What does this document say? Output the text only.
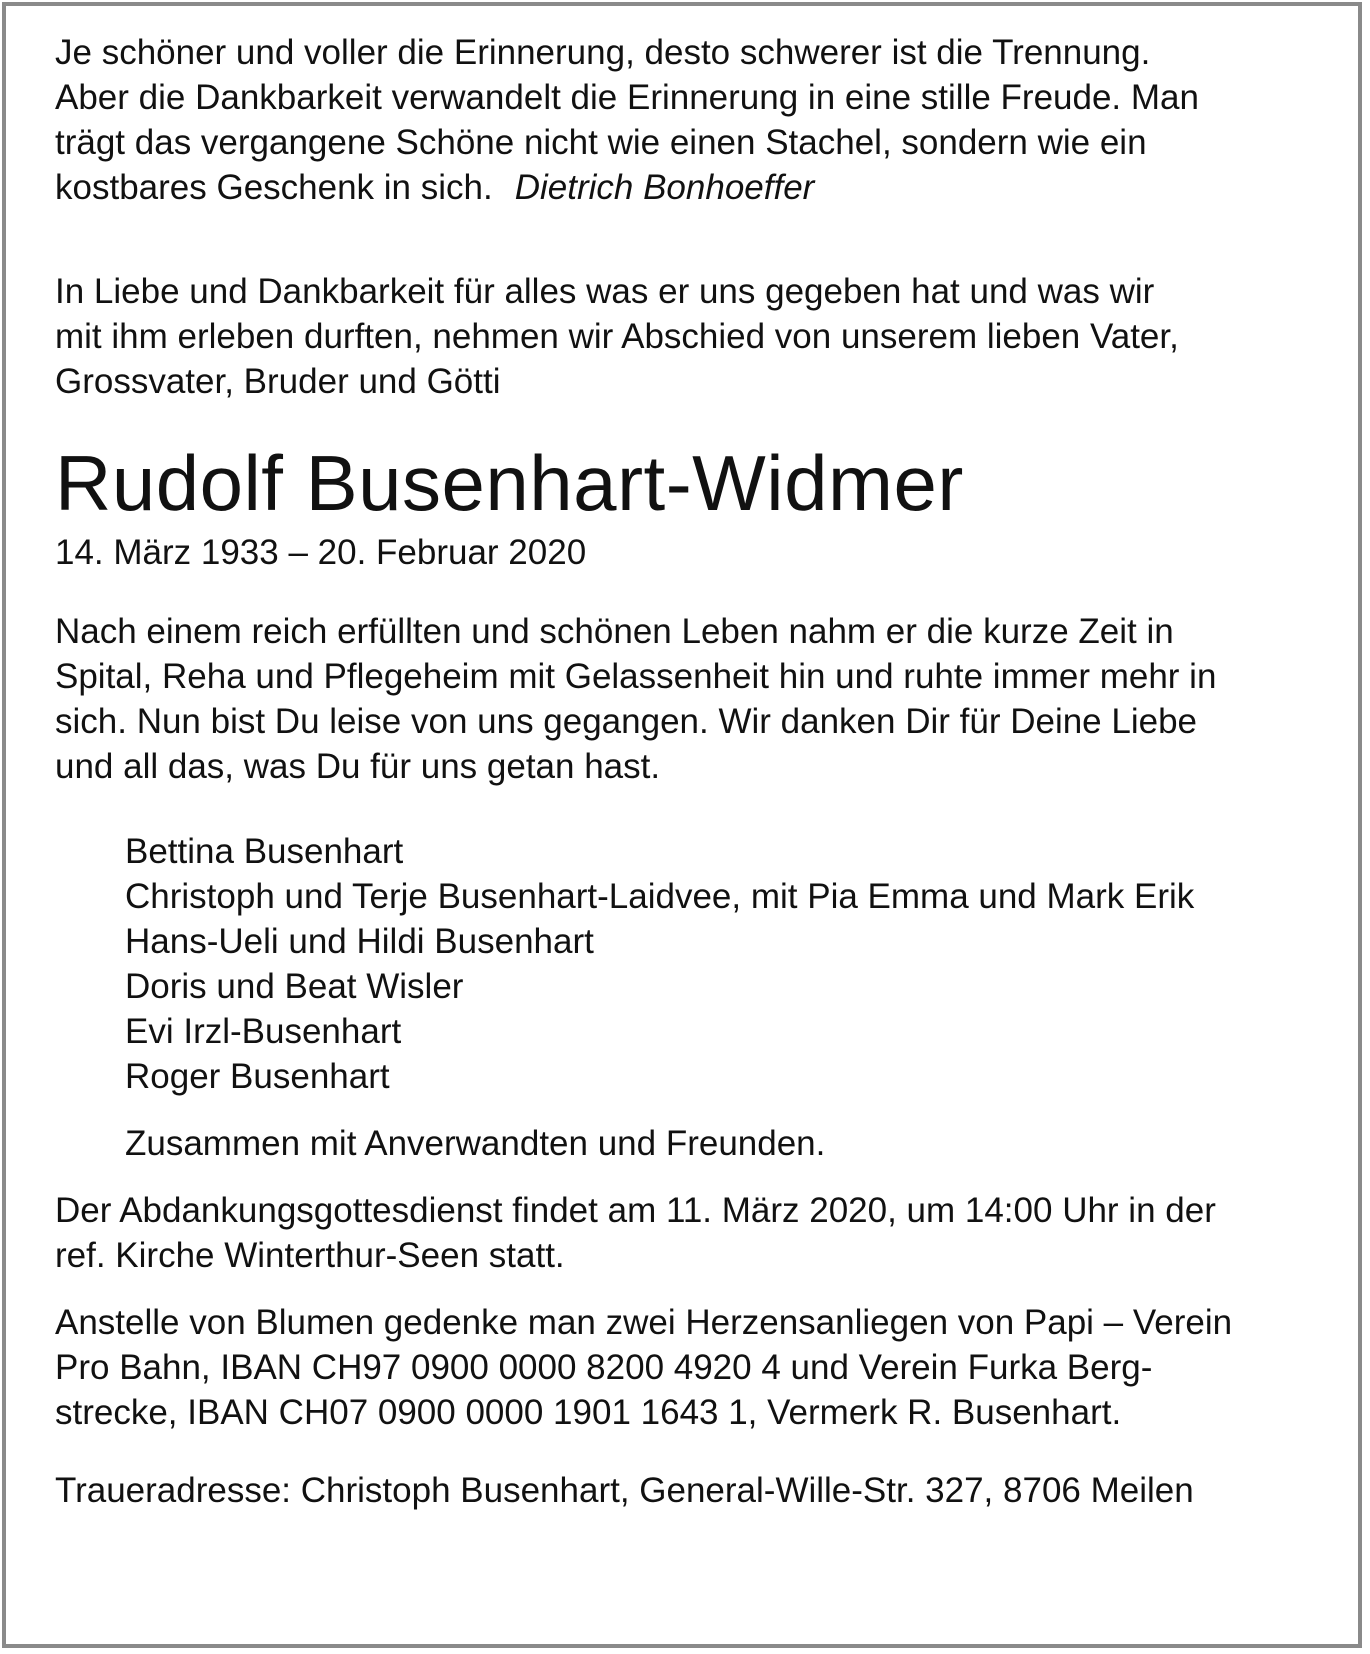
Je schöner und voller die Erinnerung, desto schwerer ist die Trennung.
Aber die Dankbarkeit verwandelt die Erinnerung in eine stille Freude. Man
trägt das vergangene Schöne nicht wie einen Stachel, sondern wie ein
kostbares Geschenk in sich. Dietrich Bonhoeffer

In Liebe und Dankbarkeit für alles was er uns gegeben hat und was wir
mit ihm erleben durften, nehmen wir Abschied von unserem lieben Vater,
Grossvater, Bruder und Götti

Rudolf Busenhart-Widmer

14. März 1933 – 20. Februar 2020

Nach einem reich erfüllten und schönen Leben nahm er die kurze Zeit in
Spital, Reha und Pflegeheim mit Gelassenheit hin und ruhte immer mehr in
sich. Nun bist Du leise von uns gegangen. Wir danken Dir für Deine Liebe
und all das, was Du für uns getan hast.

Bettina Busenhart
Christoph und Terje Busenhart-Laidvee, mit Pia Emma und Mark Erik
Hans-Ueli und Hildi Busenhart
Doris und Beat Wisler
Evi Irzl-Busenhart
Roger Busenhart

Zusammen mit Anverwandten und Freunden.

Der Abdankungsgottesdienst findet am 11. März 2020, um 14:00 Uhr in der
ref. Kirche Winterthur-Seen statt.

Anstelle von Blumen gedenke man zwei Herzensanliegen von Papi – Verein
Pro Bahn, IBAN CH97 0900 0000 8200 4920 4 und Verein Furka Berg-
strecke, IBAN CH07 0900 0000 1901 1643 1, Vermerk R. Busenhart.

Traueradresse: Christoph Busenhart, General-Wille-Str. 327, 8706 Meilen
